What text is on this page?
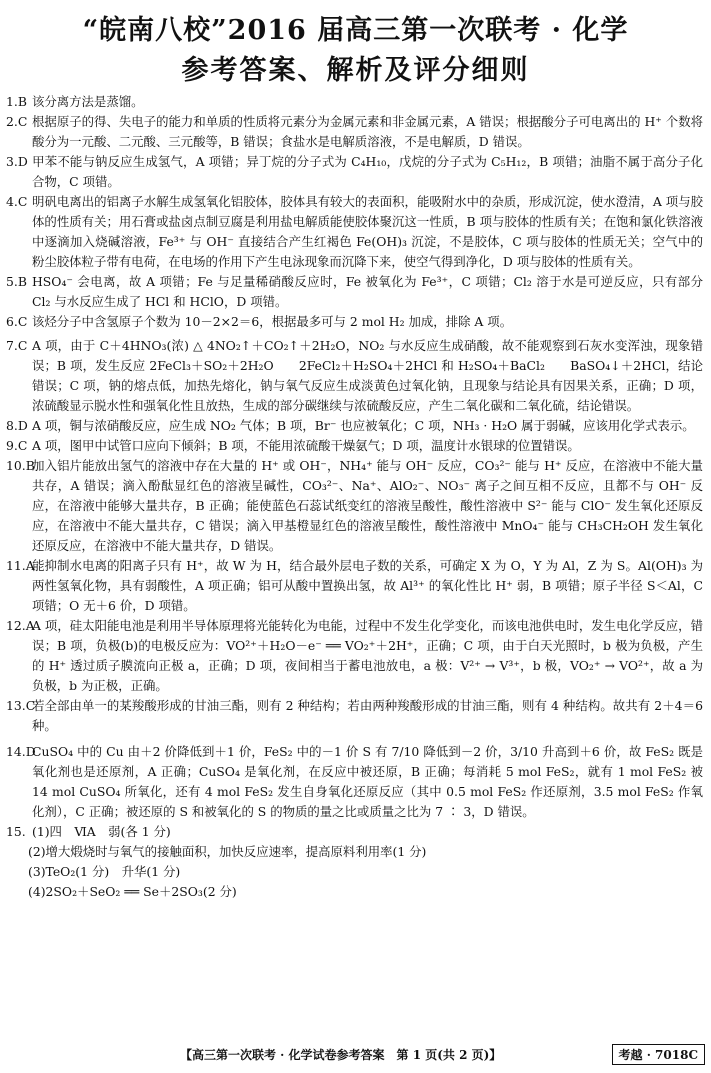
“皖南八校”2016 届高三第一次联考 · 化学
参考答案、解析及评分细则

1.B 该分离方法是蒸馏。

2.C 根据原子的得、失电子的能力和单质的性质将元素分为金属元素和非金属元素，A 错误；根据酸分子可电离出的 H⁺ 个数将酸分为一元酸、二元酸、三元酸等，B 错误；食盐水是电解质溶液，不是电解质，D 错误。

3.D 甲苯不能与钠反应生成氢气，A 项错；异丁烷的分子式为 C₄H₁₀，戊烷的分子式为 C₅H₁₂，B 项错；油脂不属于高分子化合物，C 项错。

4.C 明矾电离出的铝离子水解生成氢氧化铝胶体，胶体具有较大的表面积，能吸附水中的杂质，形成沉淀，使水澄清，A 项与胶体的性质有关；用石膏或盐卤点制豆腐是利用盐电解质能使胶体聚沉这一性质，B 项与胶体的性质有关；在饱和氯化铁溶液中逐滴加入烧碱溶液，Fe³⁺ 与 OH⁻ 直接结合产生红褐色 Fe(OH)₃ 沉淀，不是胶体，C 项与胶体的性质无关；空气中的粉尘胶体粒子带有电荷，在电场的作用下产生电泳现象而沉降下来，使空气得到净化，D 项与胶体的性质有关。

5.B HSO₄⁻ 会电离，故 A 项错；Fe 与足量稀硝酸反应时，Fe 被氧化为 Fe³⁺，C 项错；Cl₂ 溶于水是可逆反应，只有部分 Cl₂ 与水反应生成了 HCl 和 HClO，D 项错。

6.C 该烃分子中含氢原子个数为 10－2×2＝6，根据最多可与 2 mol H₂ 加成，排除 A 项。

7.C A 项，由于 C＋4HNO₃(浓) △ 4NO₂↑＋CO₂↑＋2H₂O，NO₂ 与水反应生成硝酸，故不能观察到石灰水变浑浊，现象错误；B 项，发生反应 2FeCl₃＋SO₂＋2H₂O　　2FeCl₂＋H₂SO₄＋2HCl 和 H₂SO₄＋BaCl₂　　BaSO₄↓＋2HCl，结论错误；C 项，钠的熔点低，加热先熔化，钠与氧气反应生成淡黄色过氧化钠，且现象与结论具有因果关系，正确；D 项，浓硫酸显示脱水性和强氧化性且放热，生成的部分碳继续与浓硫酸反应，产生二氧化碳和二氧化硫，结论错误。

8.D A 项，铜与浓硝酸反应，应生成 NO₂ 气体；B 项，Br⁻ 也应被氧化；C 项，NH₃ · H₂O 属于弱碱，应该用化学式表示。

9.C A 项，图甲中试管口应向下倾斜；B 项，不能用浓硫酸干燥氨气；D 项，温度计水银球的位置错误。

10.B加入铝片能放出氢气的溶液中存在大量的 H⁺ 或 OH⁻，NH₄⁺ 能与 OH⁻ 反应，CO₃²⁻ 能与 H⁺ 反应，在溶液中不能大量共存，A 错误；滴入酚酞显红色的溶液呈碱性，CO₃²⁻、Na⁺、AlO₂⁻、NO₃⁻ 离子之间互相不反应，且都不与 OH⁻ 反应，在溶液中能够大量共存，B 正确；能使蓝色石蕊试纸变红的溶液呈酸性，酸性溶液中 S²⁻ 能与 ClO⁻ 发生氧化还原反应，在溶液中不能大量共存，C 错误；滴入甲基橙显红色的溶液呈酸性，酸性溶液中 MnO₄⁻ 能与 CH₃CH₂OH 发生氧化还原反应，在溶液中不能大量共存，D 错误。

11.A能抑制水电离的阳离子只有 H⁺，故 W 为 H，结合最外层电子数的关系，可确定 X 为 O，Y 为 Al，Z 为 S。Al(OH)₃ 为两性氢氧化物，具有弱酸性，A 项正确；铝可从酸中置换出氢，故 Al³⁺ 的氧化性比 H⁺ 弱，B 项错；原子半径 S＜Al，C 项错；O 无＋6 价，D 项错。

12.AA 项，硅太阳能电池是利用半导体原理将光能转化为电能，过程中不发生化学变化，而该电池供电时，发生电化学反应，错误；B 项，负极(b)的电极反应为：VO²⁺＋H₂O－e⁻ ══ VO₂⁺＋2H⁺，正确；C 项，由于白天光照时，b 极为负极，产生的 H⁺ 透过质子膜流向正极 a，正确；D 项，夜间相当于蓄电池放电，a 极：V²⁺ → V³⁺，b 极，VO₂⁺ → VO²⁺，故 a 为负极，b 为正极，正确。

13.C若全部由单一的某羧酸形成的甘油三酯，则有 2 种结构；若由两种羧酸形成的甘油三酯，则有 4 种结构。故共有 2＋4＝6 种。

14.DCuSO₄ 中的 Cu 由＋2 价降低到＋1 价，FeS₂ 中的－1 价 S 有 7/10 降低到－2 价，3/10 升高到＋6 价，故 FeS₂ 既是氧化剂也是还原剂，A 正确；CuSO₄ 是氧化剂，在反应中被还原，B 正确；每消耗 5 mol FeS₂，就有 1 mol FeS₂ 被 14 mol CuSO₄ 所氧化，还有 4 mol FeS₂ 发生自身氧化还原反应（其中 0.5 mol FeS₂ 作还原剂，3.5 mol FeS₂ 作氧化剂），C 正确；被还原的 S 和被氧化的 S 的物质的量之比或质量之比为 7 ∶ 3，D 错误。

15. (1)四　ⅥA　弱(各 1 分)

(2)增大煅烧时与氧气的接触面积，加快反应速率，提高原料利用率(1 分)

(3)TeO₂(1 分)　升华(1 分)

(4)2SO₂＋SeO₂ ══ Se＋2SO₃(2 分)

【高三第一次联考 · 化学试卷参考答案　第 1 页(共 2 页)】	考越 · 7018C
